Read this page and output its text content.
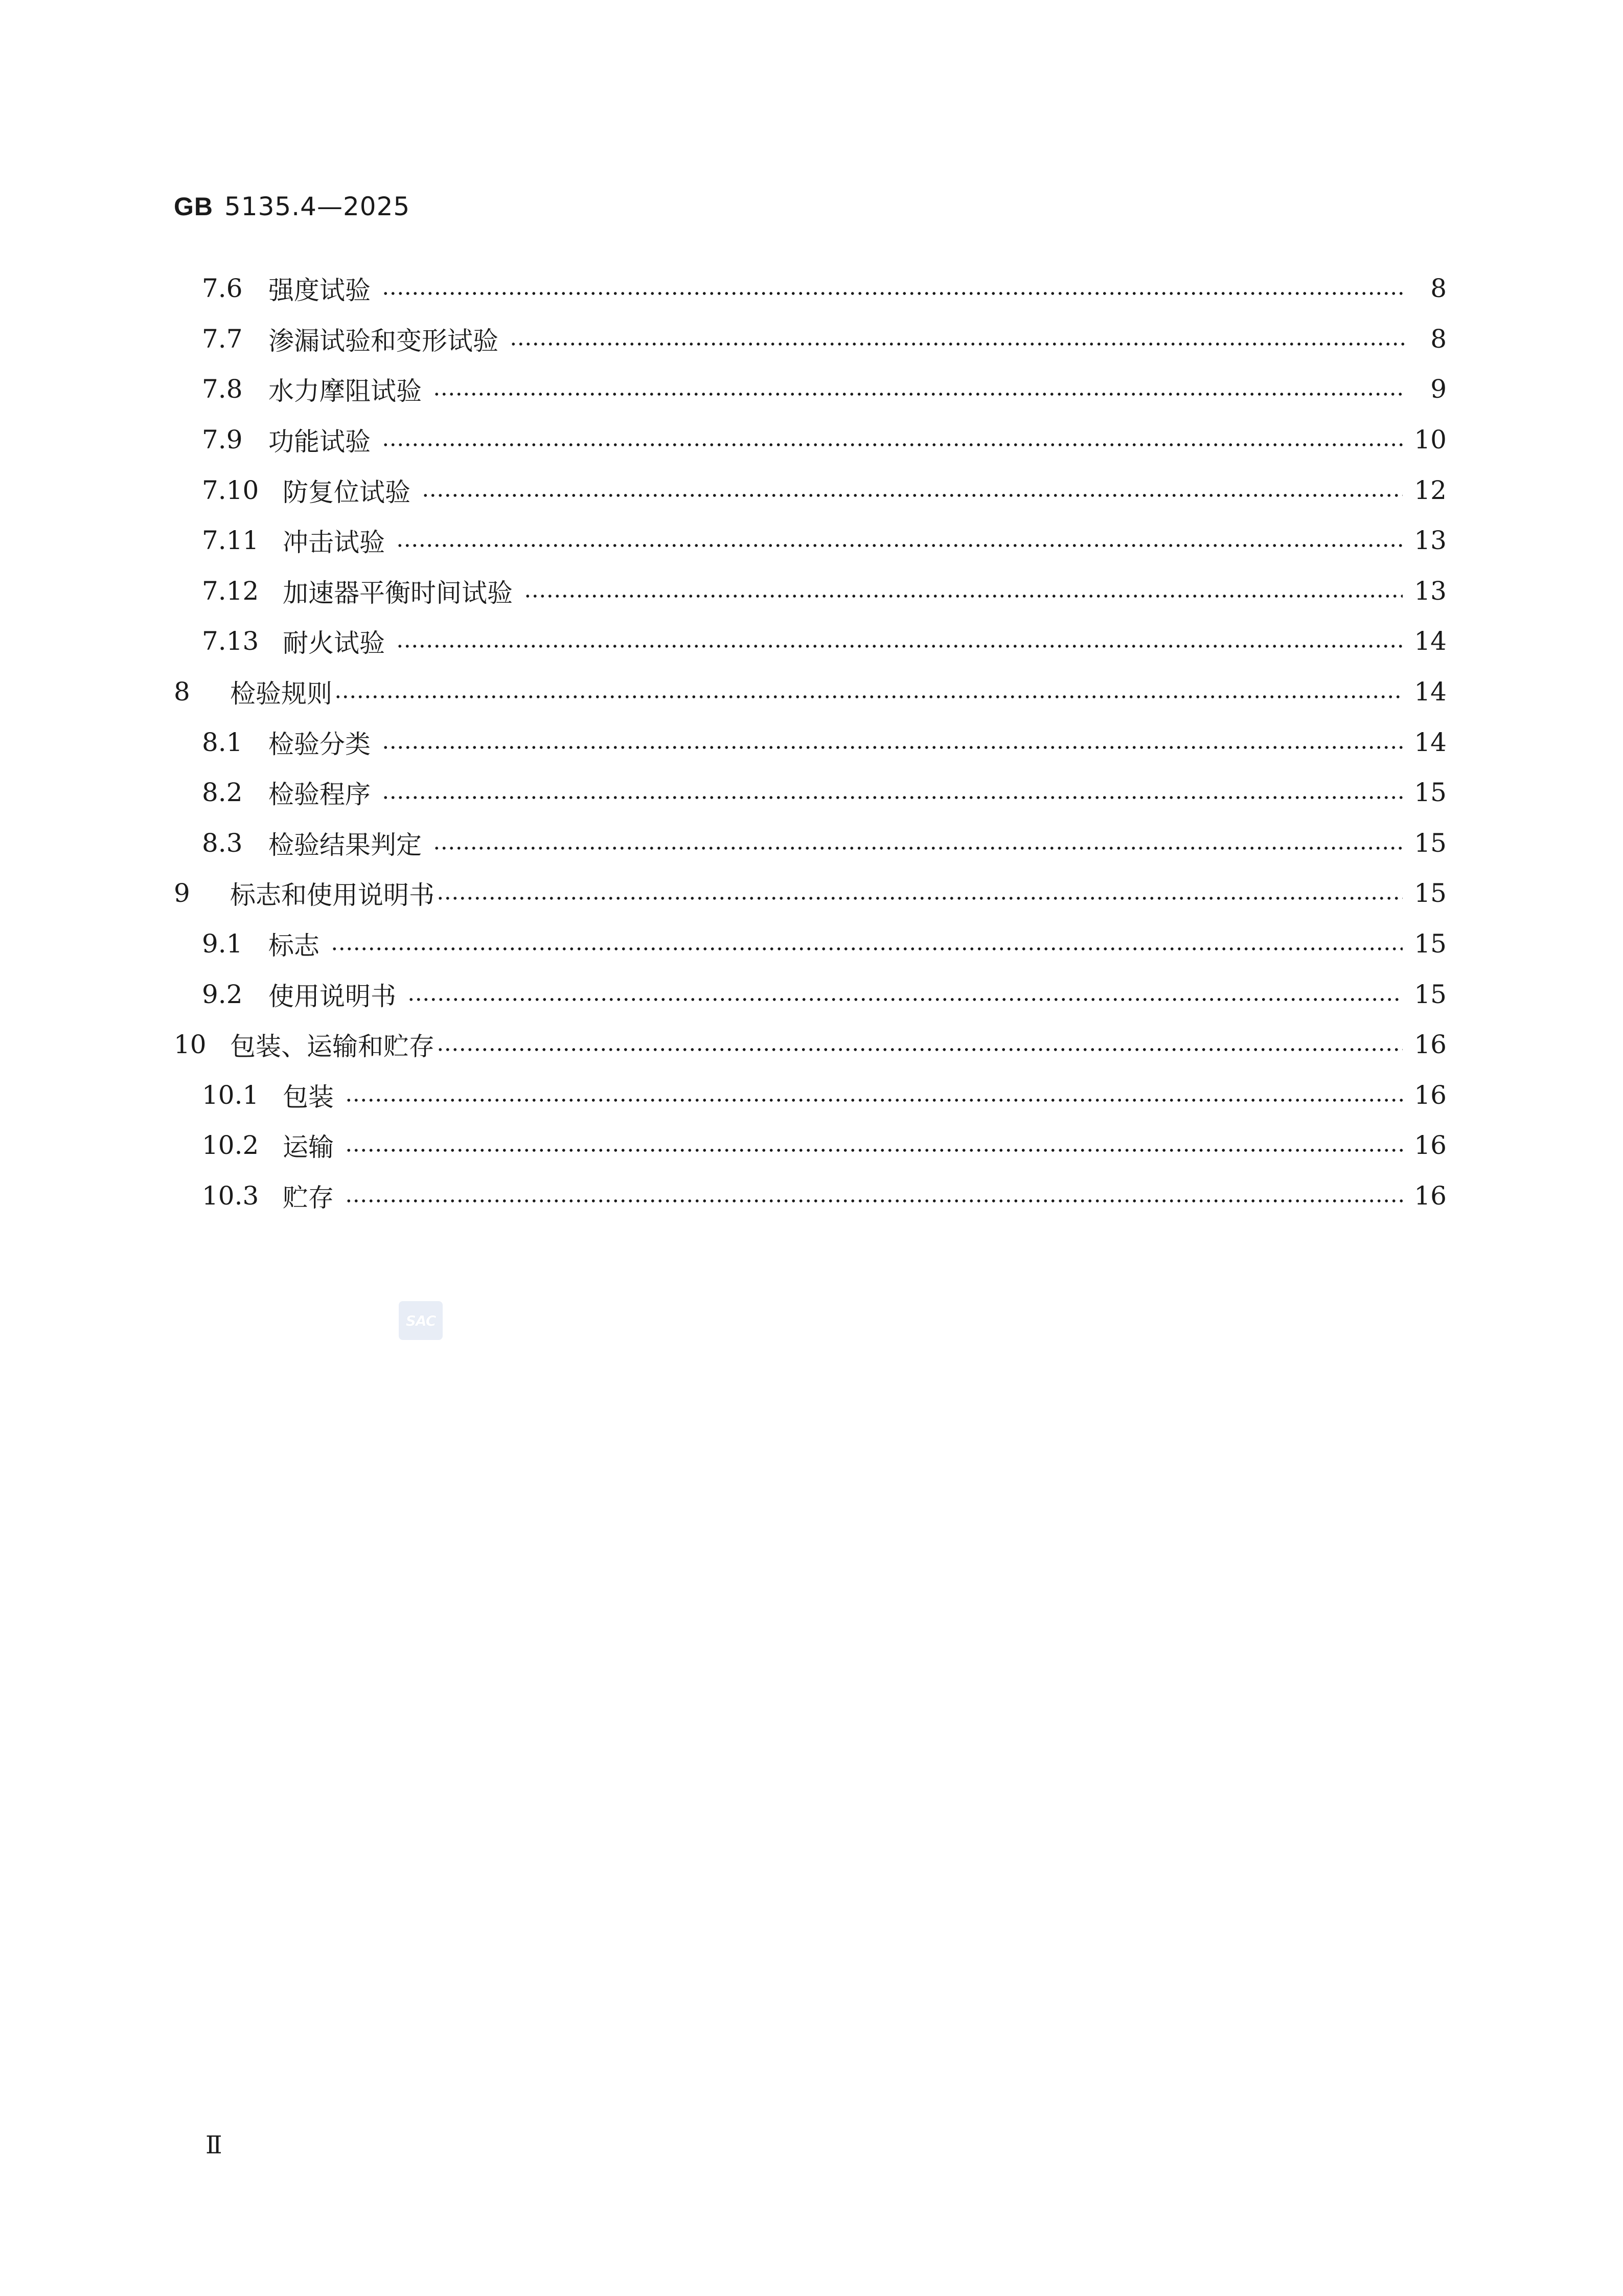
GB 5135.4—2025
7.6	强度试验	8
7.7	渗漏试验和变形试验	8
7.8	水力摩阻试验	9
7.9	功能试验	10
7.10 防复位试验	12
7.11 冲击试验	13
7.12 加速器平衡时间试验	13
7.13 耐火试验	14
8	检验规则	14
8.1	检验分类	14
8.2	检验程序	15
8.3	检验结果判定	15
9	标志和使用说明书	15
9.1	标志	15
9.2	使用说明书	15
10 包装、运输和贮存	16
10.1 包装	16
10.2 运输	16
10.3 贮存	16
SAC
Ⅱ
